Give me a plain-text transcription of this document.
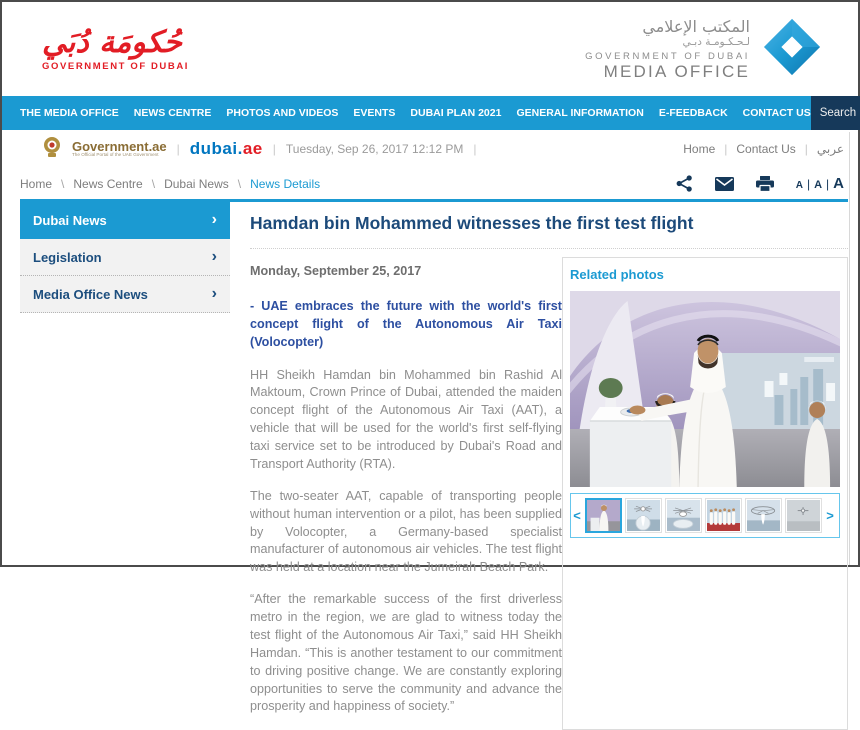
حُكومَة دُبَي
GOVERNMENT OF DUBAI
المكتب الإعلامي
لـحـكـومـة دبـي
GOVERNMENT OF DUBAI
MEDIA OFFICE
THE MEDIA OFFICE NEWS CENTRE PHOTOS AND VIDEOS EVENTS DUBAI PLAN 2021 GENERAL INFORMATION E-FEEDBACK CONTACT US
Search here...
Government.ae
The Official Portal of the UAE Government	| dubai.ae | Tuesday, Sep 26, 2017 12:12 PM |	Home | Contact Us | عربي
Home \ News Centre \ Dubai News \ News Details	A | A | A
Dubai News	›
Legislation	›
Media Office News	›
Hamdan bin Mohammed witnesses the first test flight
Monday, September 25, 2017
- UAE embraces the future with the world's first concept flight of the Autonomous Air Taxi (Volocopter)

HH Sheikh Hamdan bin Mohammed bin Rashid Al Maktoum, Crown Prince of Dubai, attended the maiden concept flight of the Autonomous Air Taxi (AAT), a vehicle that will be used for the world's first self-flying taxi service set to be introduced by Dubai's Road and Transport Authority (RTA).

The two-seater AAT, capable of transporting people without human intervention or a pilot, has been supplied by Volocopter, a Germany-based specialist manufacturer of autonomous air vehicles. The test flight was held at a location near the Jumeirah Beach Park.

“After the remarkable success of the first driverless metro in the region, we are glad to witness today the test flight of the Autonomous Air Taxi,” said HH Sheikh Hamdan. “This is another testament to our commitment to driving positive change. We are constantly exploring opportunities to serve the community and advance the prosperity and happiness of society.”

Related photos
<	>
